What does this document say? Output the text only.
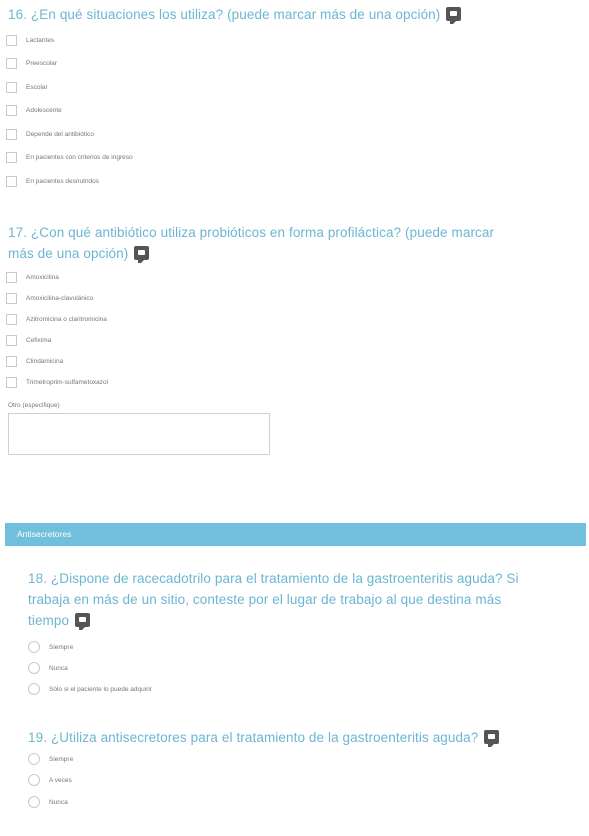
16. ¿En qué situaciones los utiliza? (puede marcar más de una opción)
Lactantes
Preescolar
Escolar
Adolescente
Depende del antibiótico
En pacientes con criterios de ingreso
En pacientes desnutridos
17. ¿Con qué antibiótico utiliza probióticos en forma profiláctica? (puede marcar
más de una opción)
Amoxicilina
Amoxicilina-clavulánico
Azitromicina o claritromicina
Cefixima
Clindamicina
Trimetroprim-sulfametoxazol
Otro (especifique)
Antisecretores
18. ¿Dispone de racecadotrilo para el tratamiento de la gastroenteritis aguda? Si
trabaja en más de un sitio, conteste por el lugar de trabajo al que destina más
tiempo
Siempre
Nunca
Sólo si el paciente lo puede adquirir
19. ¿Utiliza antisecretores para el tratamiento de la gastroenteritis aguda?
Siempre
A veces
Nunca
